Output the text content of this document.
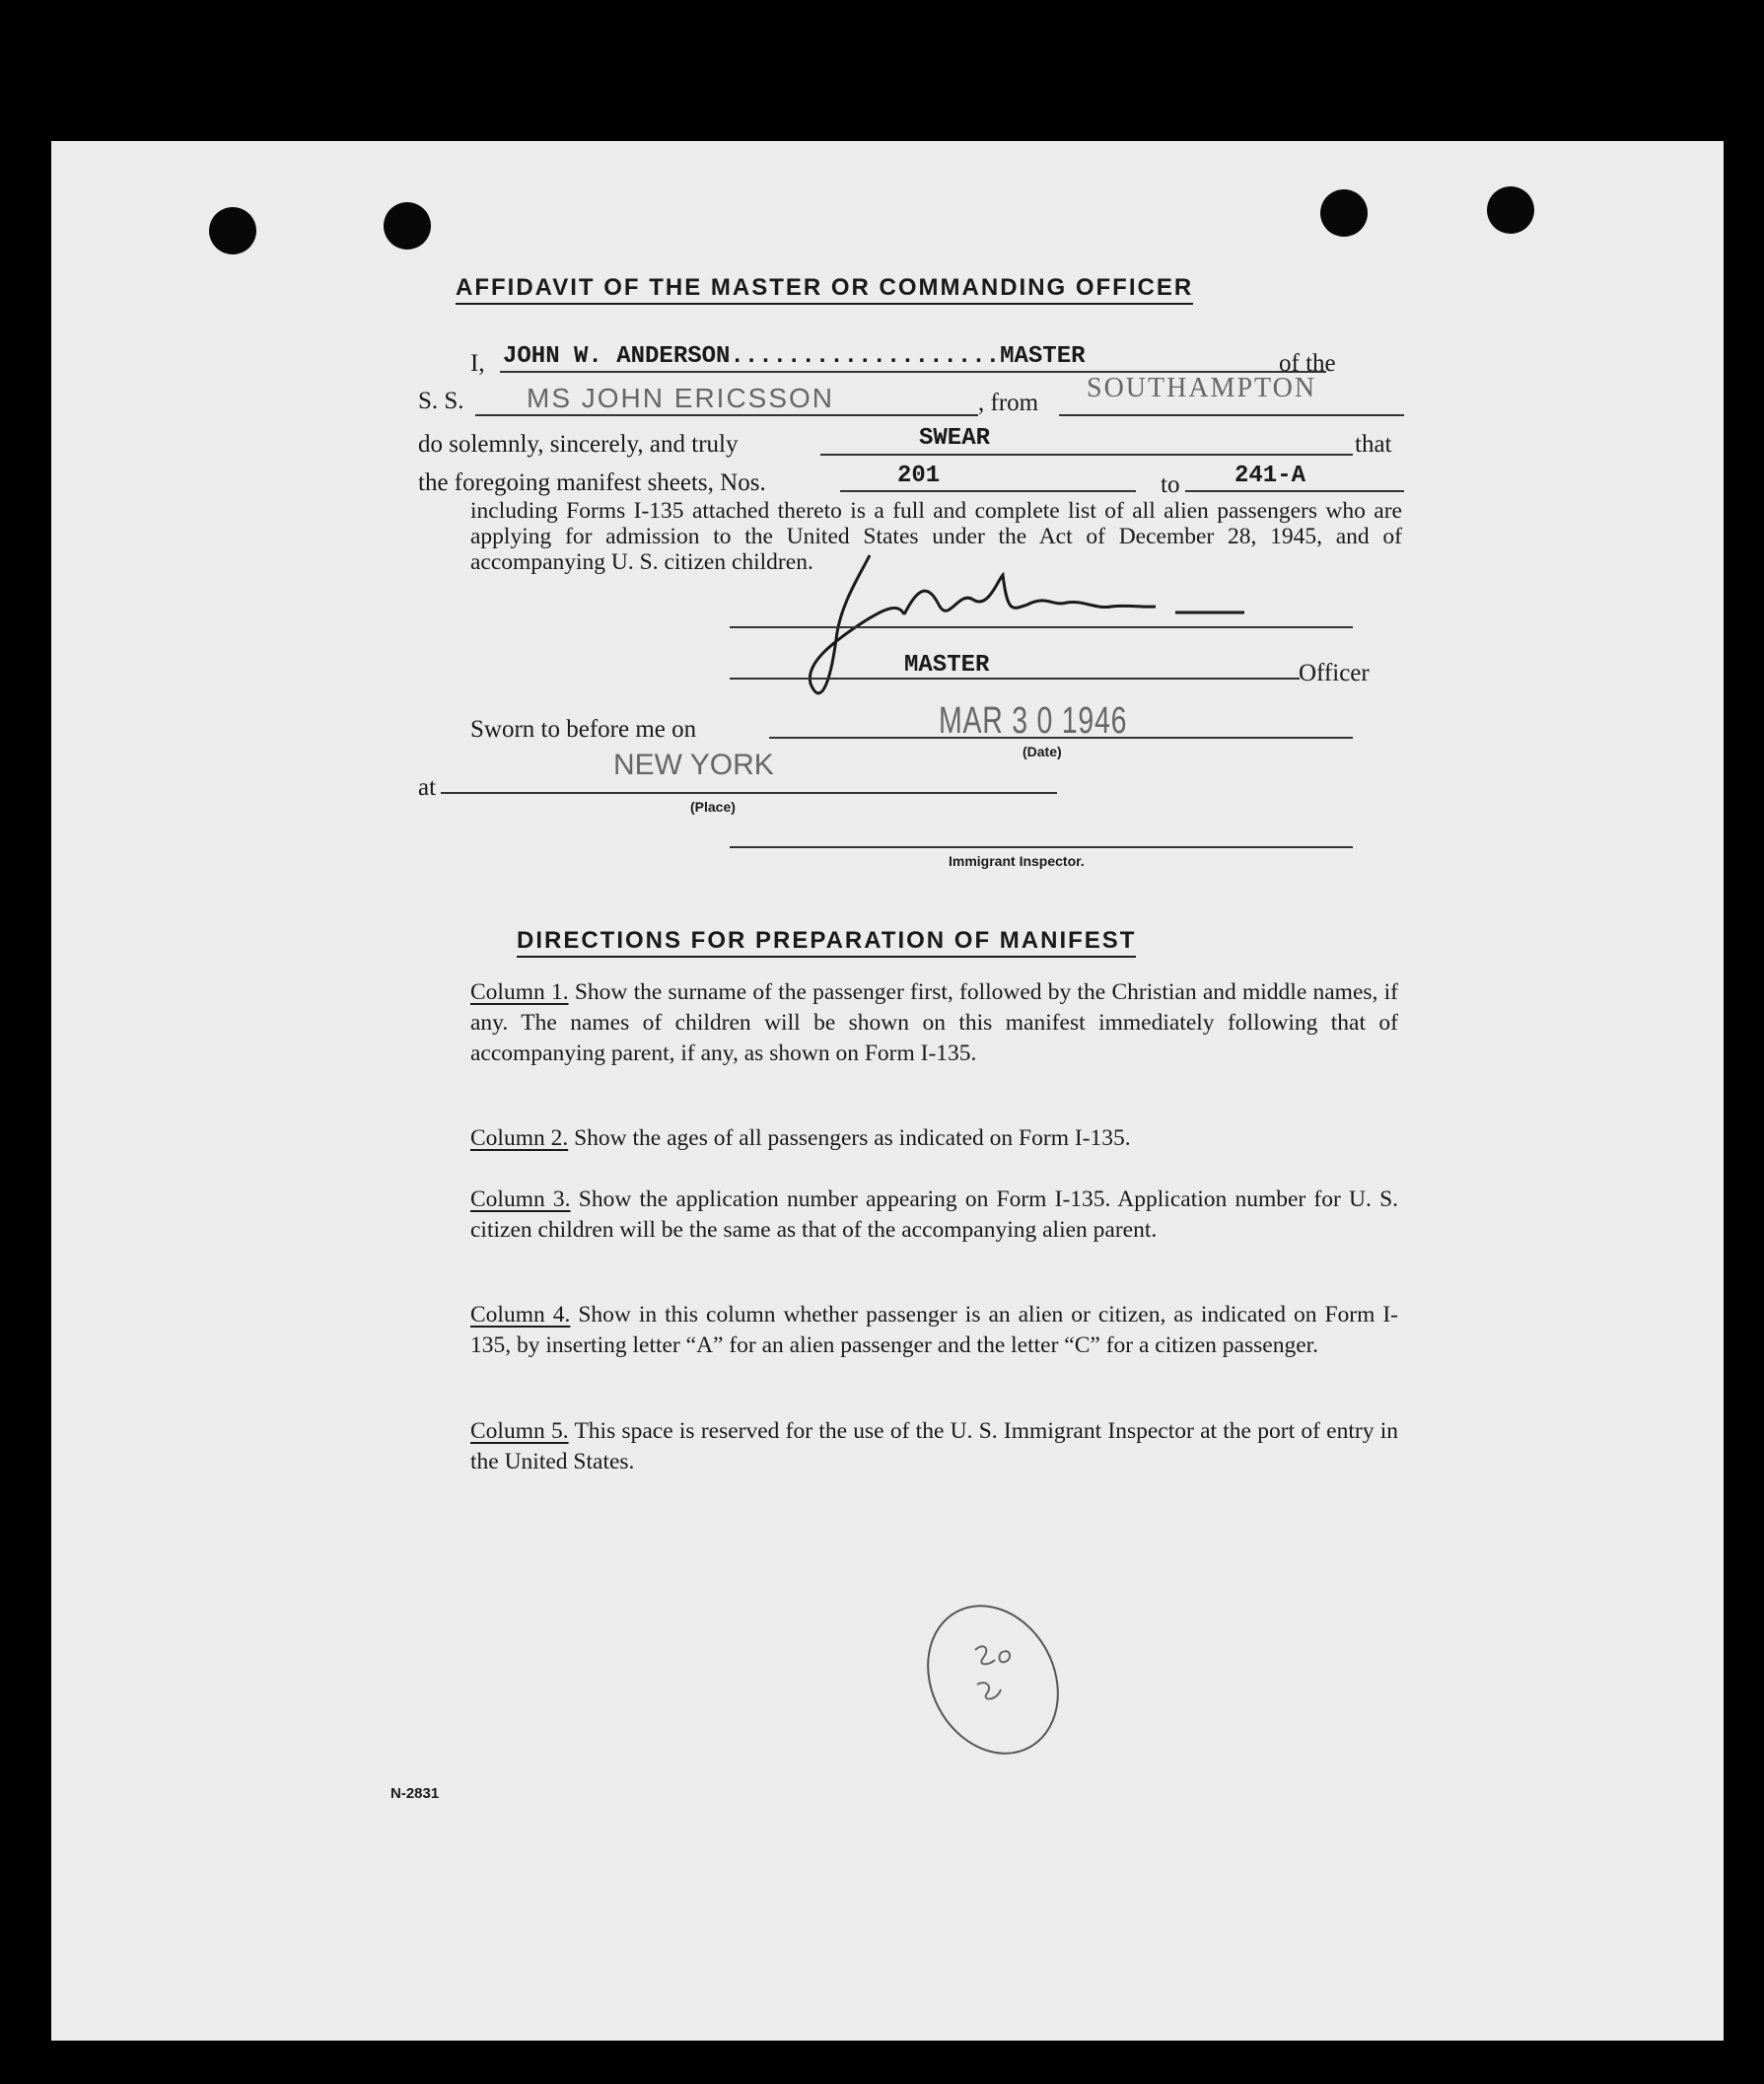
AFFIDAVIT OF THE MASTER OR COMMANDING OFFICER
I, JOHN W. ANDERSON...................MASTER	of the
S. S. MS JOHN ERICSSON	, from SOUTHAMPTON
do solemnly, sincerely, and truly	SWEAR	that
the foregoing manifest sheets, Nos.	201	to 241-A
including Forms I-135 attached thereto is a full and complete list of all alien passengers who are applying for admission to the United States under the Act of December 28, 1945, and of accompanying U. S. citizen children.
MASTER	Officer
Sworn to before me on	MAR 3 0 1946
(Date)
at
NEW YORK
(Place)
Immigrant Inspector.
DIRECTIONS FOR PREPARATION OF MANIFEST
Column 1. Show the surname of the passenger first, followed by the Christian and middle names, if any. The names of children will be shown on this manifest immediately following that of accompanying parent, if any, as shown on Form I-135.
Column 2. Show the ages of all passengers as indicated on Form I-135.
Column 3. Show the application number appearing on Form I-135. Application number for U. S. citizen children will be the same as that of the accompanying alien parent.
Column 4. Show in this column whether passenger is an alien or citizen, as indicated on Form I-135, by inserting letter “A” for an alien passenger and the letter “C” for a citizen passenger.
Column 5. This space is reserved for the use of the U. S. Immigrant Inspector at the port of entry in the United States.
N-2831
